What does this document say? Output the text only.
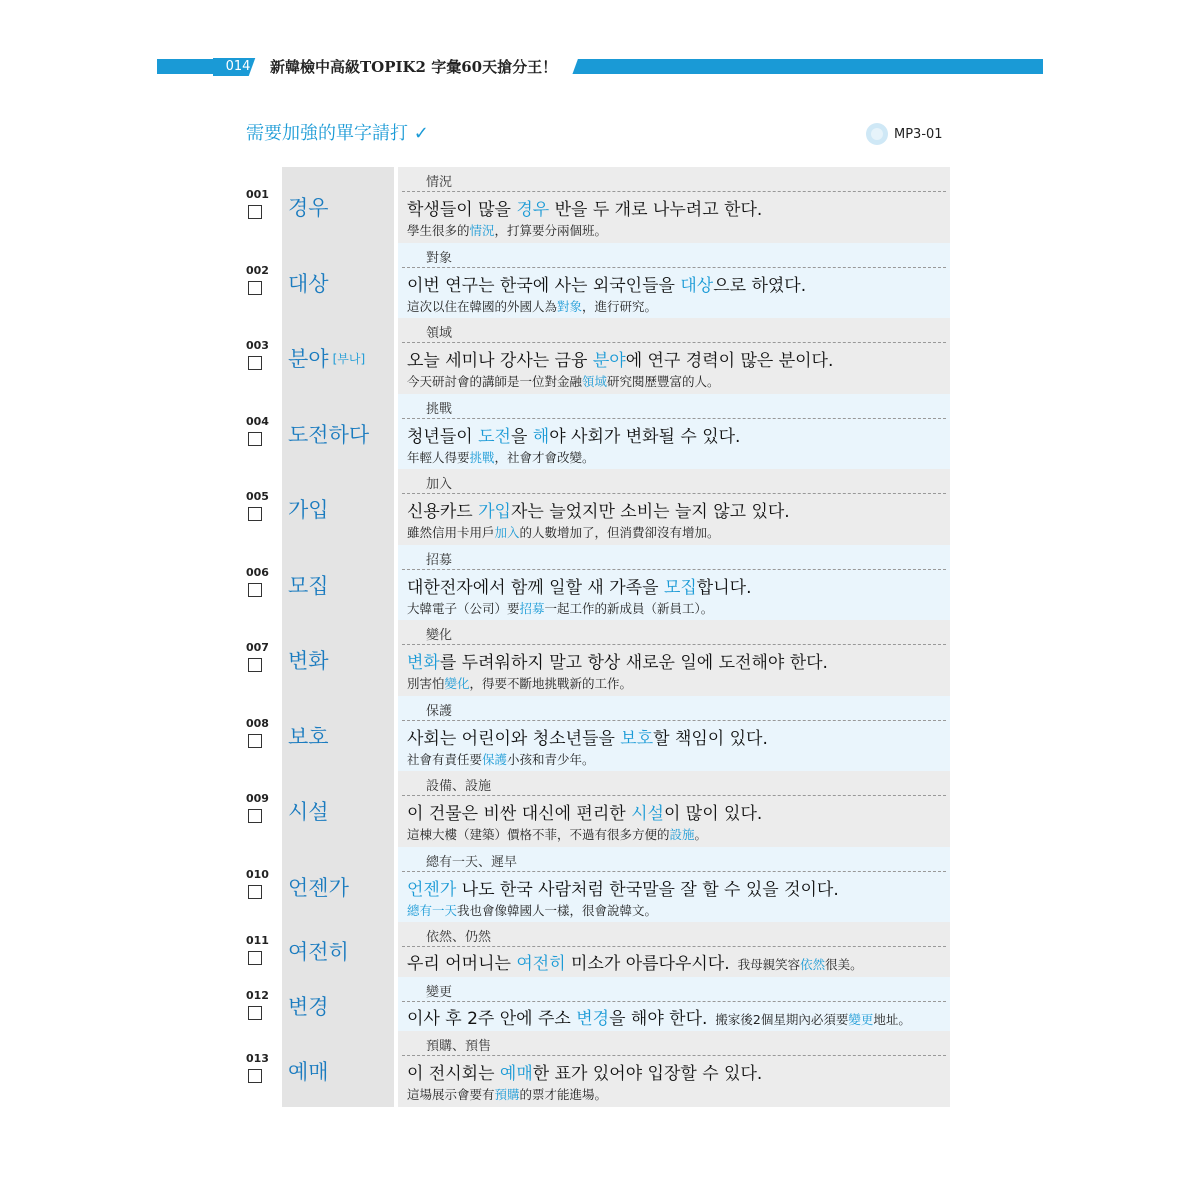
014	新韓檢中高級TOPIK2 字彙60天搶分王！
需要加強的單字請打 ✓	MP3-01
001
경우
情況
학생들이 많을 경우 반을 두 개로 나누려고 한다.
學生很多的情況，打算要分兩個班。
002
대상
對象
이번 연구는 한국에 사는 외국인들을 대상으로 하였다.
這次以住在韓國的外國人為對象，進行研究。
003
분야 [부나]
領域
오늘 세미나 강사는 금융 분야에 연구 경력이 많은 분이다.
今天研討會的講師是一位對金融領域研究閱歷豐富的人。
004
도전하다
挑戰
청년들이 도전을 해야 사회가 변화될 수 있다.
年輕人得要挑戰，社會才會改變。
005
가입
加入
신용카드 가입자는 늘었지만 소비는 늘지 않고 있다.
雖然信用卡用戶加入的人數增加了，但消費卻沒有增加。
006
모집
招募
대한전자에서 함께 일할 새 가족을 모집합니다.
大韓電子（公司）要招募一起工作的新成員（新員工）。
007
변화
變化
변화를 두려워하지 말고 항상 새로운 일에 도전해야 한다.
別害怕變化，得要不斷地挑戰新的工作。
008
보호
保護
사회는 어린이와 청소년들을 보호할 책임이 있다.
社會有責任要保護小孩和青少年。
009
시설
設備、設施
이 건물은 비싼 대신에 편리한 시설이 많이 있다.
這棟大樓（建築）價格不菲，不過有很多方便的設施。
010
언젠가
總有一天、遲早
언젠가 나도 한국 사람처럼 한국말을 잘 할 수 있을 것이다.
總有一天我也會像韓國人一樣，很會說韓文。
011 여전히
依然、仍然
우리 어머니는 여전히 미소가 아름다우시다. 我母親笑容依然很美。
012 변경
變更
이사 후 2주 안에 주소 변경을 해야 한다. 搬家後2個星期內必須要變更地址。
013
예매
預購、預售
이 전시회는 예매한 표가 있어야 입장할 수 있다.
這場展示會要有預購的票才能進場。
